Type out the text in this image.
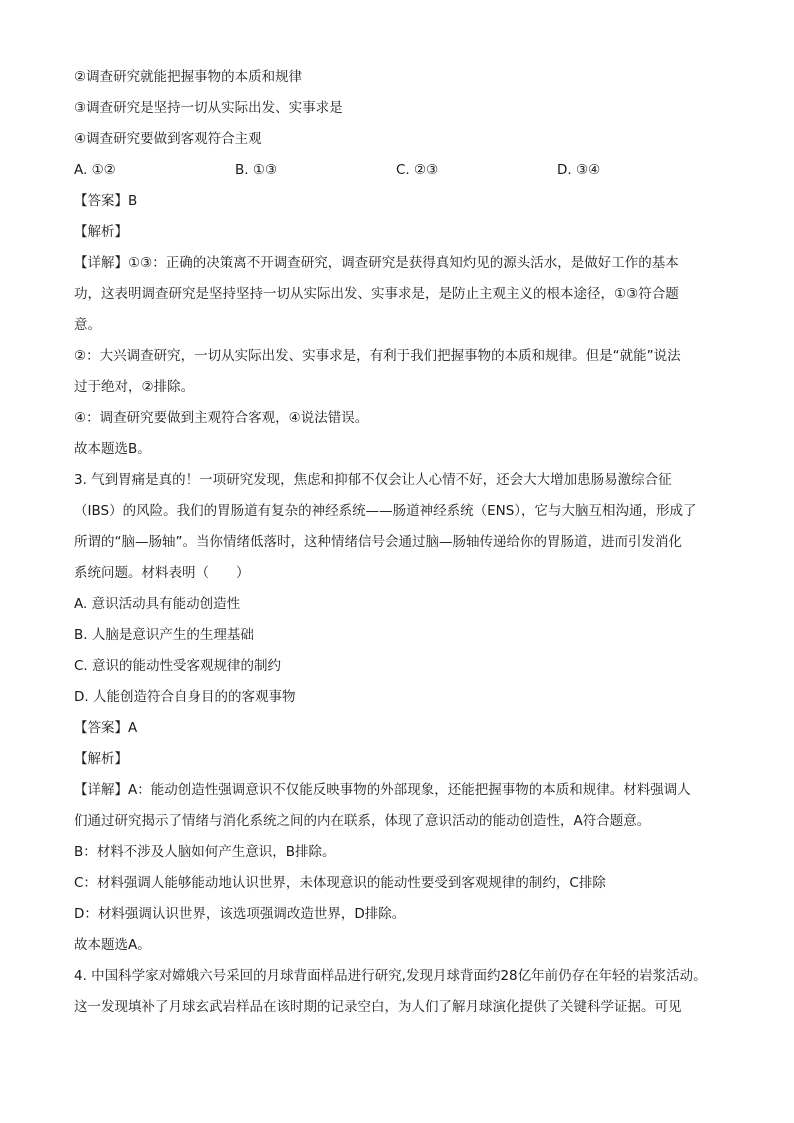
②调查研究就能把握事物的本质和规律
③调查研究是坚持一切从实际出发、实事求是
④调查研究要做到客观符合主观
A. ①②	B. ①③	C. ②③	D. ③④
【答案】B
【解析】
【详解】①③：正确的决策离不开调查研究，调查研究是获得真知灼见的源头活水，是做好工作的基本
功，这表明调查研究是坚持坚持一切从实际出发、实事求是，是防止主观主义的根本途径，①③符合题
意。
②：大兴调查研究，一切从实际出发、实事求是，有利于我们把握事物的本质和规律。但是“就能”说法
过于绝对，②排除。
④：调查研究要做到主观符合客观，④说法错误。
故本题选B。
3. 气到胃痛是真的！一项研究发现，焦虑和抑郁不仅会让人心情不好，还会大大增加患肠易激综合征
（IBS）的风险。我们的胃肠道有复杂的神经系统——肠道神经系统（ENS），它与大脑互相沟通，形成了
所谓的“脑—肠轴”。当你情绪低落时，这种情绪信号会通过脑—肠轴传递给你的胃肠道，进而引发消化
系统问题。材料表明（　　）
A. 意识活动具有能动创造性
B. 人脑是意识产生的生理基础
C. 意识的能动性受客观规律的制约
D. 人能创造符合自身目的的客观事物
【答案】A
【解析】
【详解】A：能动创造性强调意识不仅能反映事物的外部现象，还能把握事物的本质和规律。材料强调人
们通过研究揭示了情绪与消化系统之间的内在联系，体现了意识活动的能动创造性，A符合题意。
B：材料不涉及人脑如何产生意识，B排除。
C：材料强调人能够能动地认识世界，未体现意识的能动性要受到客观规律的制约，C排除
D：材料强调认识世界，该选项强调改造世界，D排除。
故本题选A。
4. 中国科学家对嫦娥六号采回的月球背面样品进行研究,发现月球背面约28亿年前仍存在年轻的岩浆活动。
这一发现填补了月球玄武岩样品在该时期的记录空白，为人们了解月球演化提供了关键科学证据。可见
